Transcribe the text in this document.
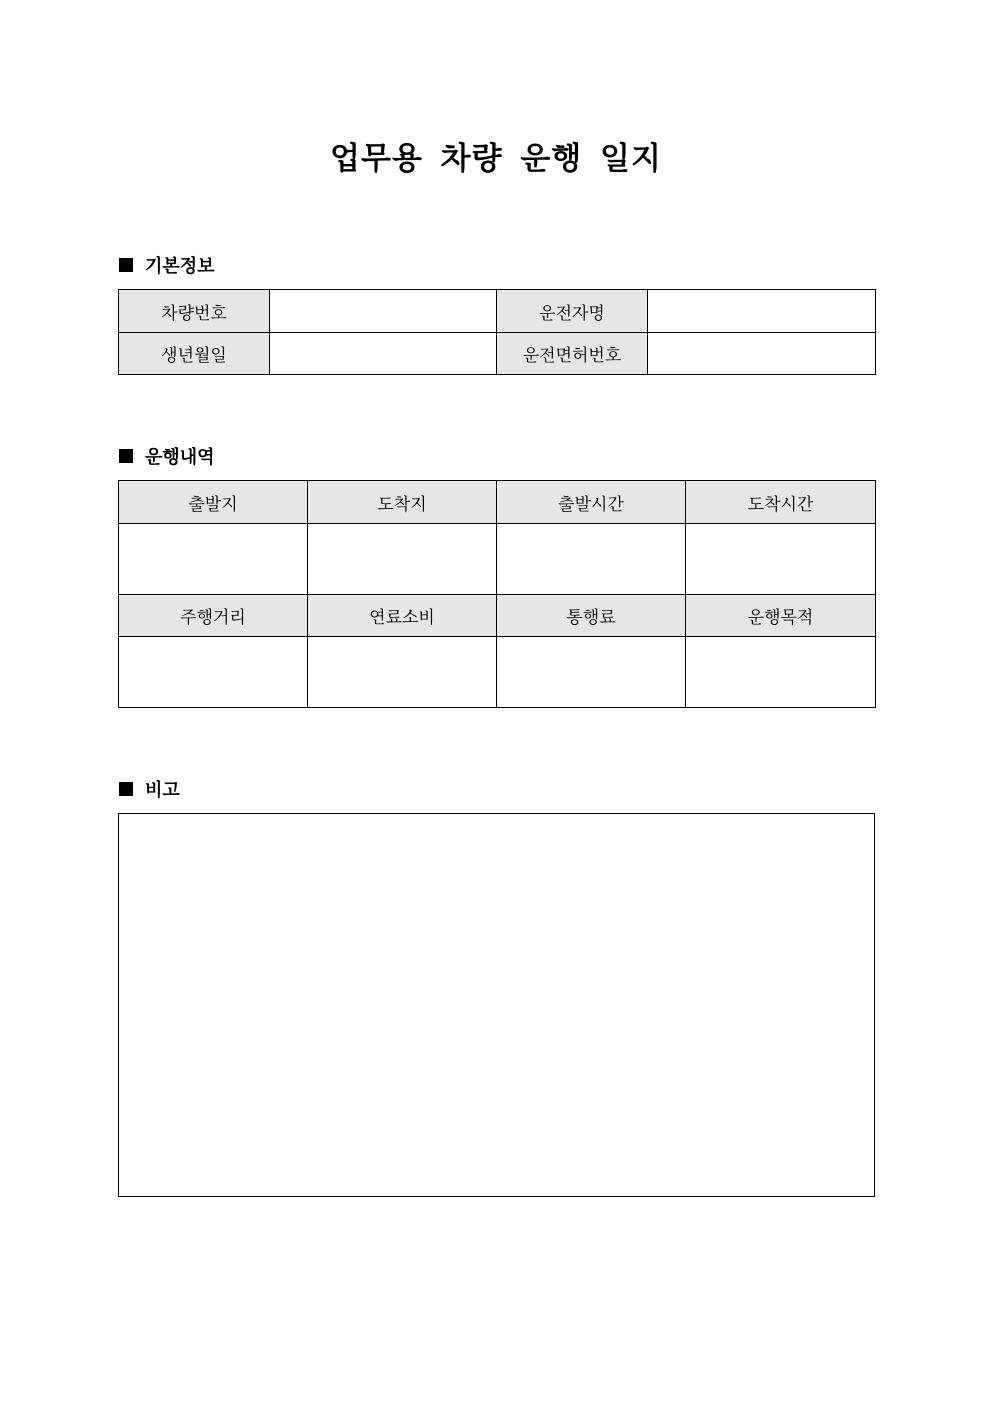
업무용 차량 운행 일지
기본정보
차량번호		운전자명	
생년월일		운전면허번호	
운행내역
출발지	도착지	출발시간	도착시간

주행거리	연료소비	통행료	운행목적

비고
